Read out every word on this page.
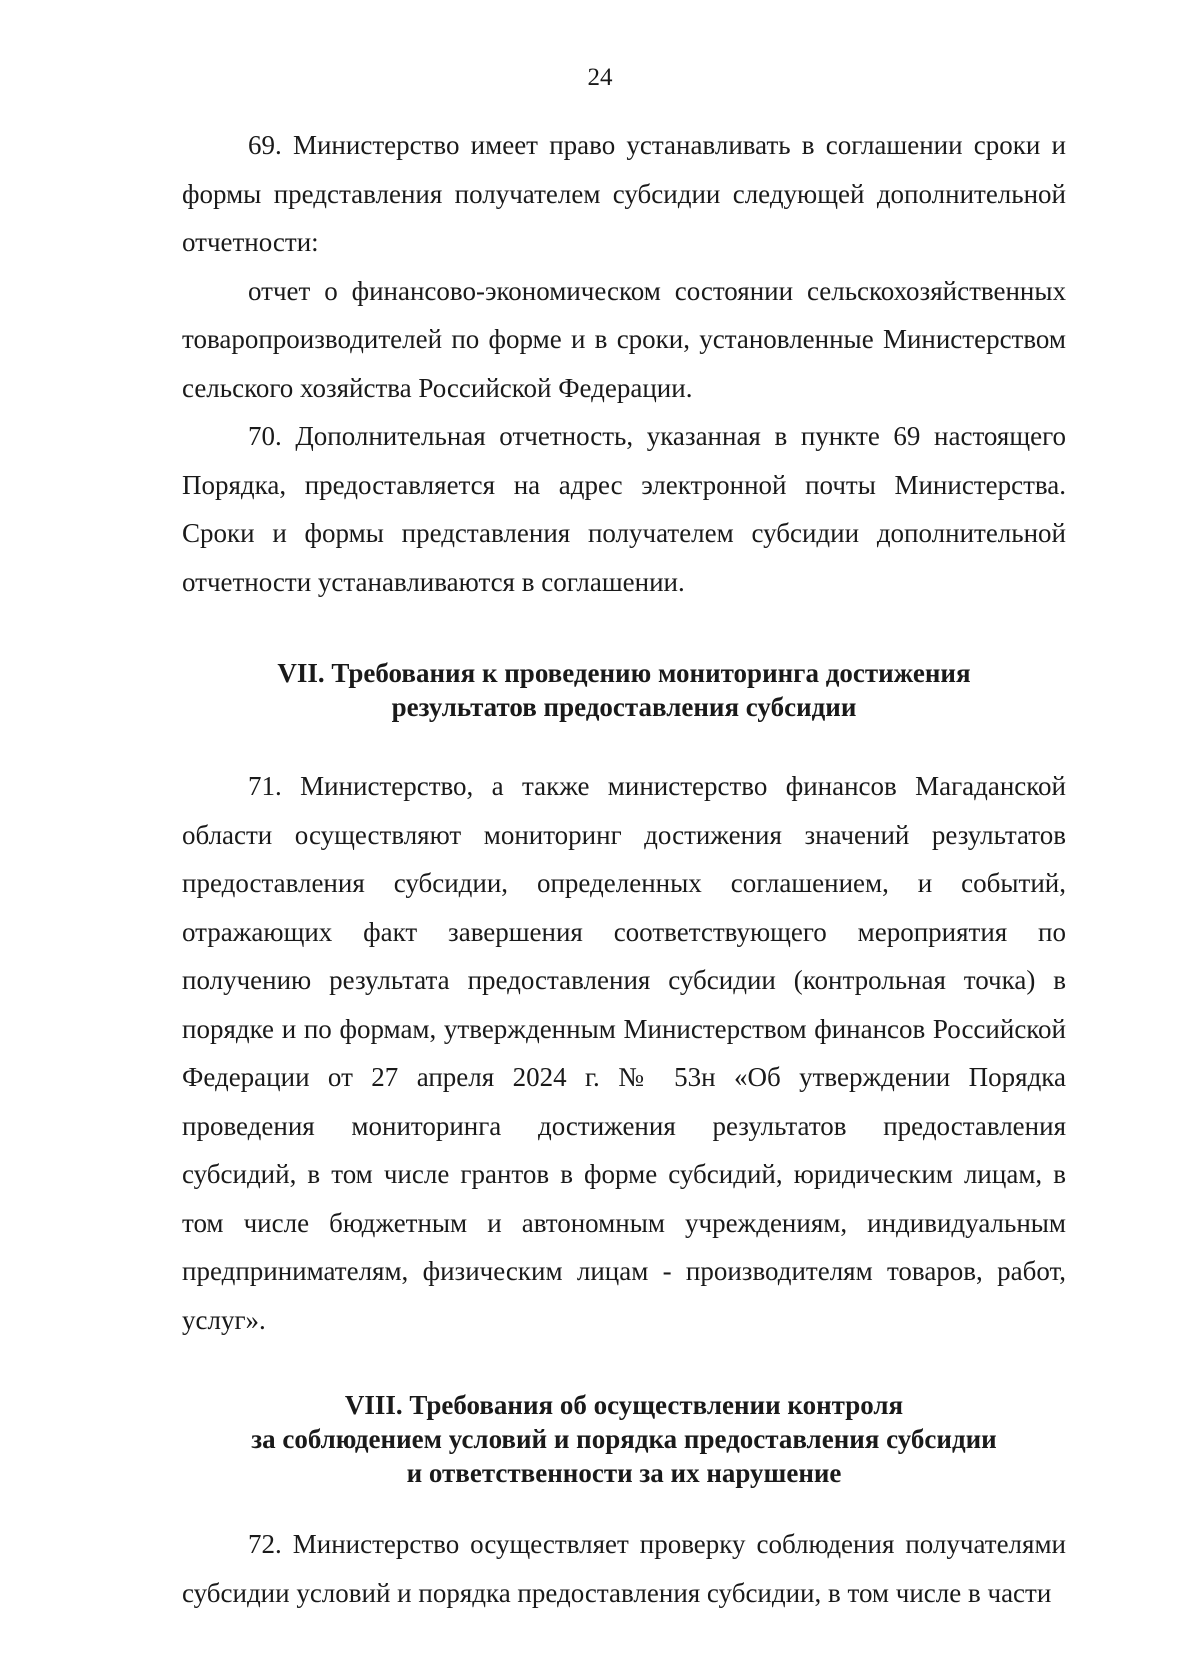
24

69. Министерство имеет право устанавливать в соглашении сроки и формы представления получателем субсидии следующей дополнительной отчетности:

отчет о финансово-экономическом состоянии сельскохозяйственных товаропроизводителей по форме и в сроки, установленные Министерством сельского хозяйства Российской Федерации.

70. Дополнительная отчетность, указанная в пункте 69 настоящего Порядка, предоставляется на адрес электронной почты Министерства. Сроки и формы представления получателем субсидии дополнительной отчетности устанавливаются в соглашении.

VII. Требования к проведению мониторинга достижения
результатов предоставления субсидии

71. Министерство, а также министерство финансов Магаданской области осуществляют мониторинг достижения значений результатов предоставления субсидии, определенных соглашением, и событий, отражающих факт завершения соответствующего мероприятия по получению результата предоставления субсидии (контрольная точка) в порядке и по формам, утвержденным Министерством финансов Российской Федерации от 27 апреля 2024 г. № 53н «Об утверждении Порядка проведения мониторинга достижения результатов предоставления субсидий, в том числе грантов в форме субсидий, юридическим лицам, в том числе бюджетным и автономным учреждениям, индивидуальным предпринимателям, физическим лицам - производителям товаров, работ, услуг».

VIII. Требования об осуществлении контроля
за соблюдением условий и порядка предоставления субсидии
и ответственности за их нарушение

72. Министерство осуществляет проверку соблюдения получателями субсидии условий и порядка предоставления субсидии, в том числе в части
